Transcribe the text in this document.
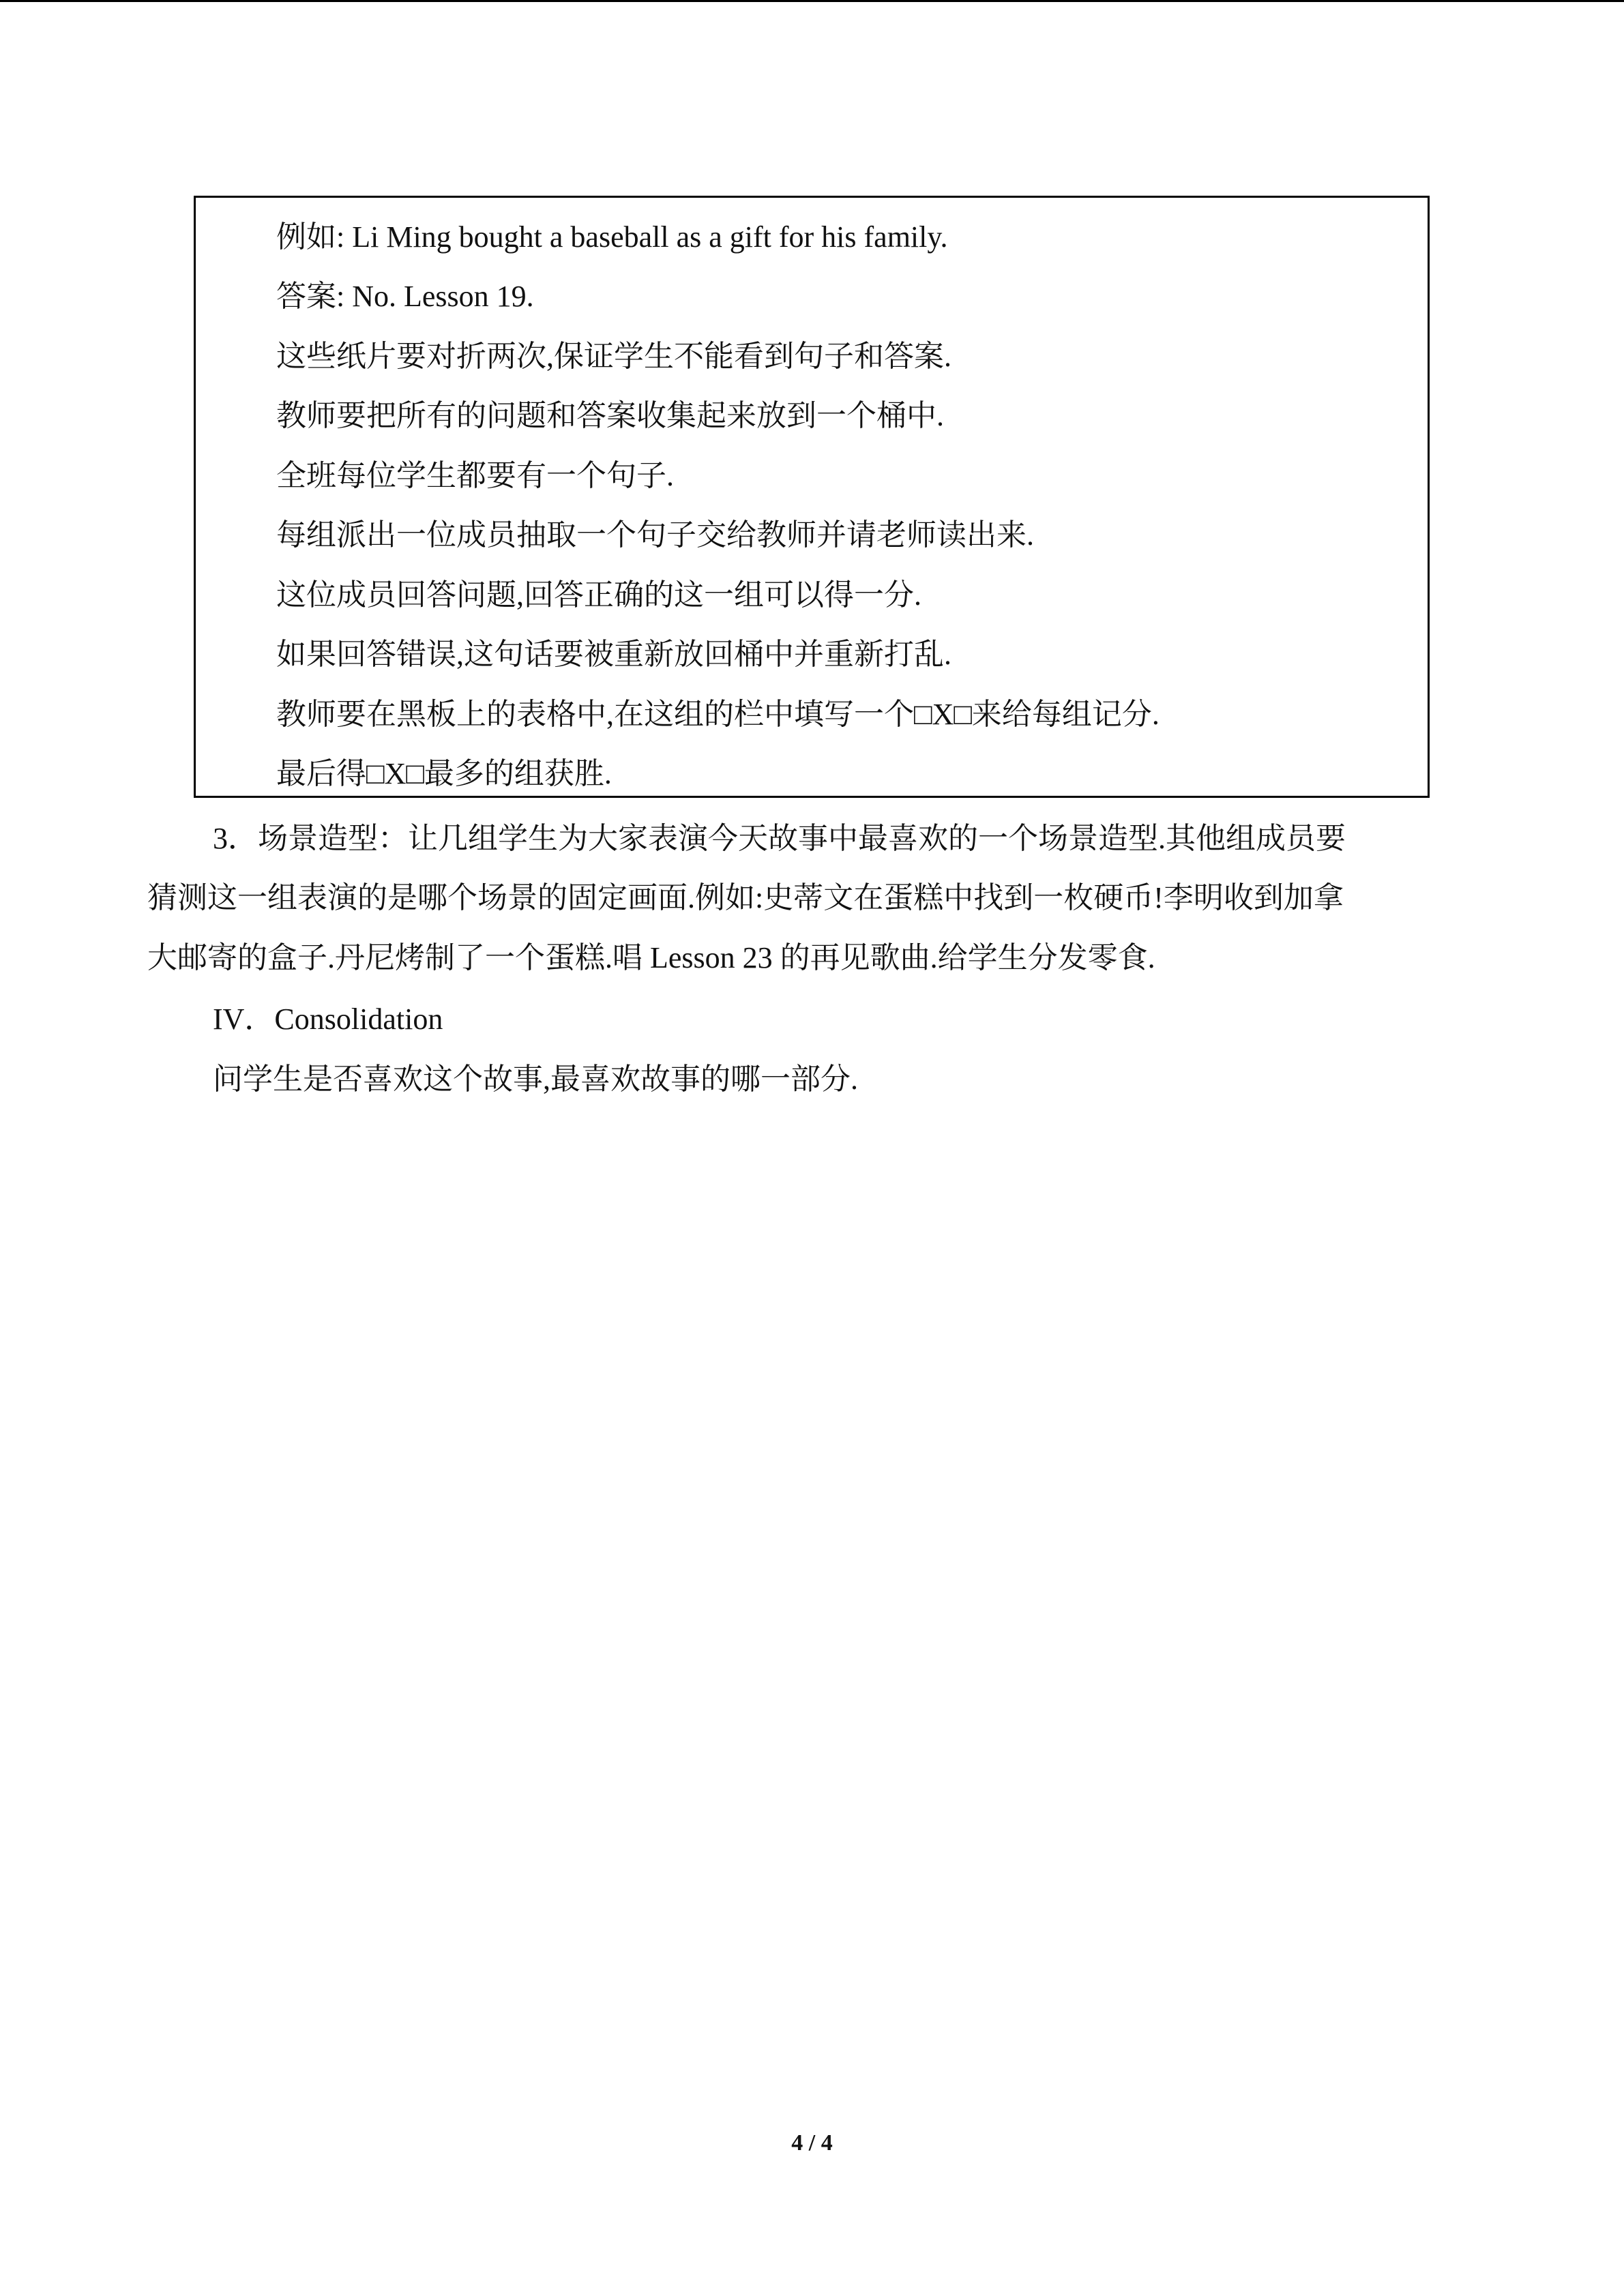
例如: Li Ming bought a baseball as a gift for his family.
答案: No. Lesson 19.
这些纸片要对折两次,保证学生不能看到句子和答案.
教师要把所有的问题和答案收集起来放到一个桶中.
全班每位学生都要有一个句子.
每组派出一位成员抽取一个句子交给教师并请老师读出来.
这位成员回答问题,回答正确的这一组可以得一分.
如果回答错误,这句话要被重新放回桶中并重新打乱.
教师要在黑板上的表格中,在这组的栏中填写一个□X□来给每组记分.
最后得□X□最多的组获胜.
3．场景造型：让几组学生为大家表演今天故事中最喜欢的一个场景造型.其他组成员要
猜测这一组表演的是哪个场景的固定画面.例如:史蒂文在蛋糕中找到一枚硬币!李明收到加拿
大邮寄的盒子.丹尼烤制了一个蛋糕.唱 Lesson 23 的再见歌曲.给学生分发零食.
IV．Consolidation
问学生是否喜欢这个故事,最喜欢故事的哪一部分.
4 / 4
